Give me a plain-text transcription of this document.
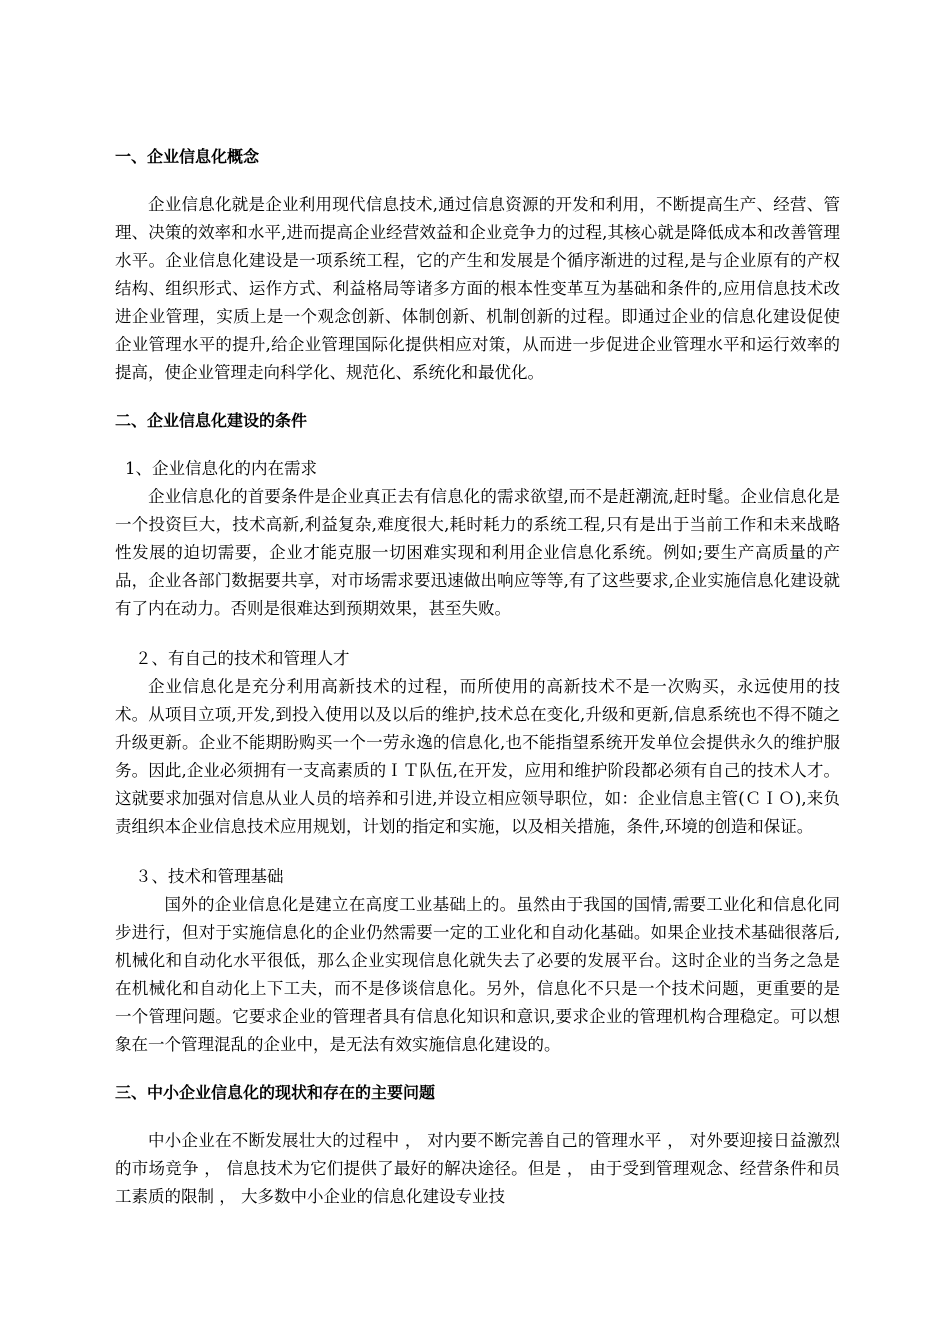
一、企业信息化概念

企业信息化就是企业利用现代信息技术,通过信息资源的开发和利用，不断提高生产、经营、管理、决策的效率和水平,进而提高企业经营效益和企业竞争力的过程,其核心就是降低成本和改善管理水平。企业信息化建设是一项系统工程，它的产生和发展是个循序渐进的过程,是与企业原有的产权结构、组织形式、运作方式、利益格局等诸多方面的根本性变革互为基础和条件的,应用信息技术改进企业管理，实质上是一个观念创新、体制创新、机制创新的过程。即通过企业的信息化建设促使企业管理水平的提升,给企业管理国际化提供相应对策，从而进一步促进企业管理水平和运行效率的提高，使企业管理走向科学化、规范化、系统化和最优化。

二、企业信息化建设的条件
1、企业信息化的内在需求

企业信息化的首要条件是企业真正去有信息化的需求欲望,而不是赶潮流,赶时髦。企业信息化是一个投资巨大，技术高新,利益复杂,难度很大,耗时耗力的系统工程,只有是出于当前工作和未来战略性发展的迫切需要，企业才能克服一切困难实现和利用企业信息化系统。例如;要生产高质量的产品，企业各部门数据要共享，对市场需求要迅速做出响应等等,有了这些要求,企业实施信息化建设就有了内在动力。否则是很难达到预期效果，甚至失败。

２、有自己的技术和管理人才

企业信息化是充分利用高新技术的过程，而所使用的高新技术不是一次购买，永远使用的技术。从项目立项,开发,到投入使用以及以后的维护,技术总在变化,升级和更新,信息系统也不得不随之升级更新。企业不能期盼购买一个一劳永逸的信息化,也不能指望系统开发单位会提供永久的维护服务。因此,企业必须拥有一支高素质的ＩＴ队伍,在开发，应用和维护阶段都必须有自己的技术人才。这就要求加强对信息从业人员的培养和引进,并设立相应领导职位，如：企业信息主管(ＣＩＯ),来负责组织本企业信息技术应用规划，计划的指定和实施，以及相关措施，条件,环境的创造和保证。

３、技术和管理基础

国外的企业信息化是建立在高度工业基础上的。虽然由于我国的国情,需要工业化和信息化同步进行，但对于实施信息化的企业仍然需要一定的工业化和自动化基础。如果企业技术基础很落后,机械化和自动化水平很低，那么企业实现信息化就失去了必要的发展平台。这时企业的当务之急是在机械化和自动化上下工夫，而不是侈谈信息化。另外，信息化不只是一个技术问题，更重要的是一个管理问题。它要求企业的管理者具有信息化知识和意识,要求企业的管理机构合理稳定。可以想象在一个管理混乱的企业中，是无法有效实施信息化建设的。

三、中小企业信息化的现状和存在的主要问题

中小企业在不断发展壮大的过程中 ， 对内要不断完善自己的管理水平 ， 对外要迎接日益激烈的市场竞争 ， 信息技术为它们提供了最好的解决途径。但是 ， 由于受到管理观念、经营条件和员工素质的限制 ， 大多数中小企业的信息化建设专业技
